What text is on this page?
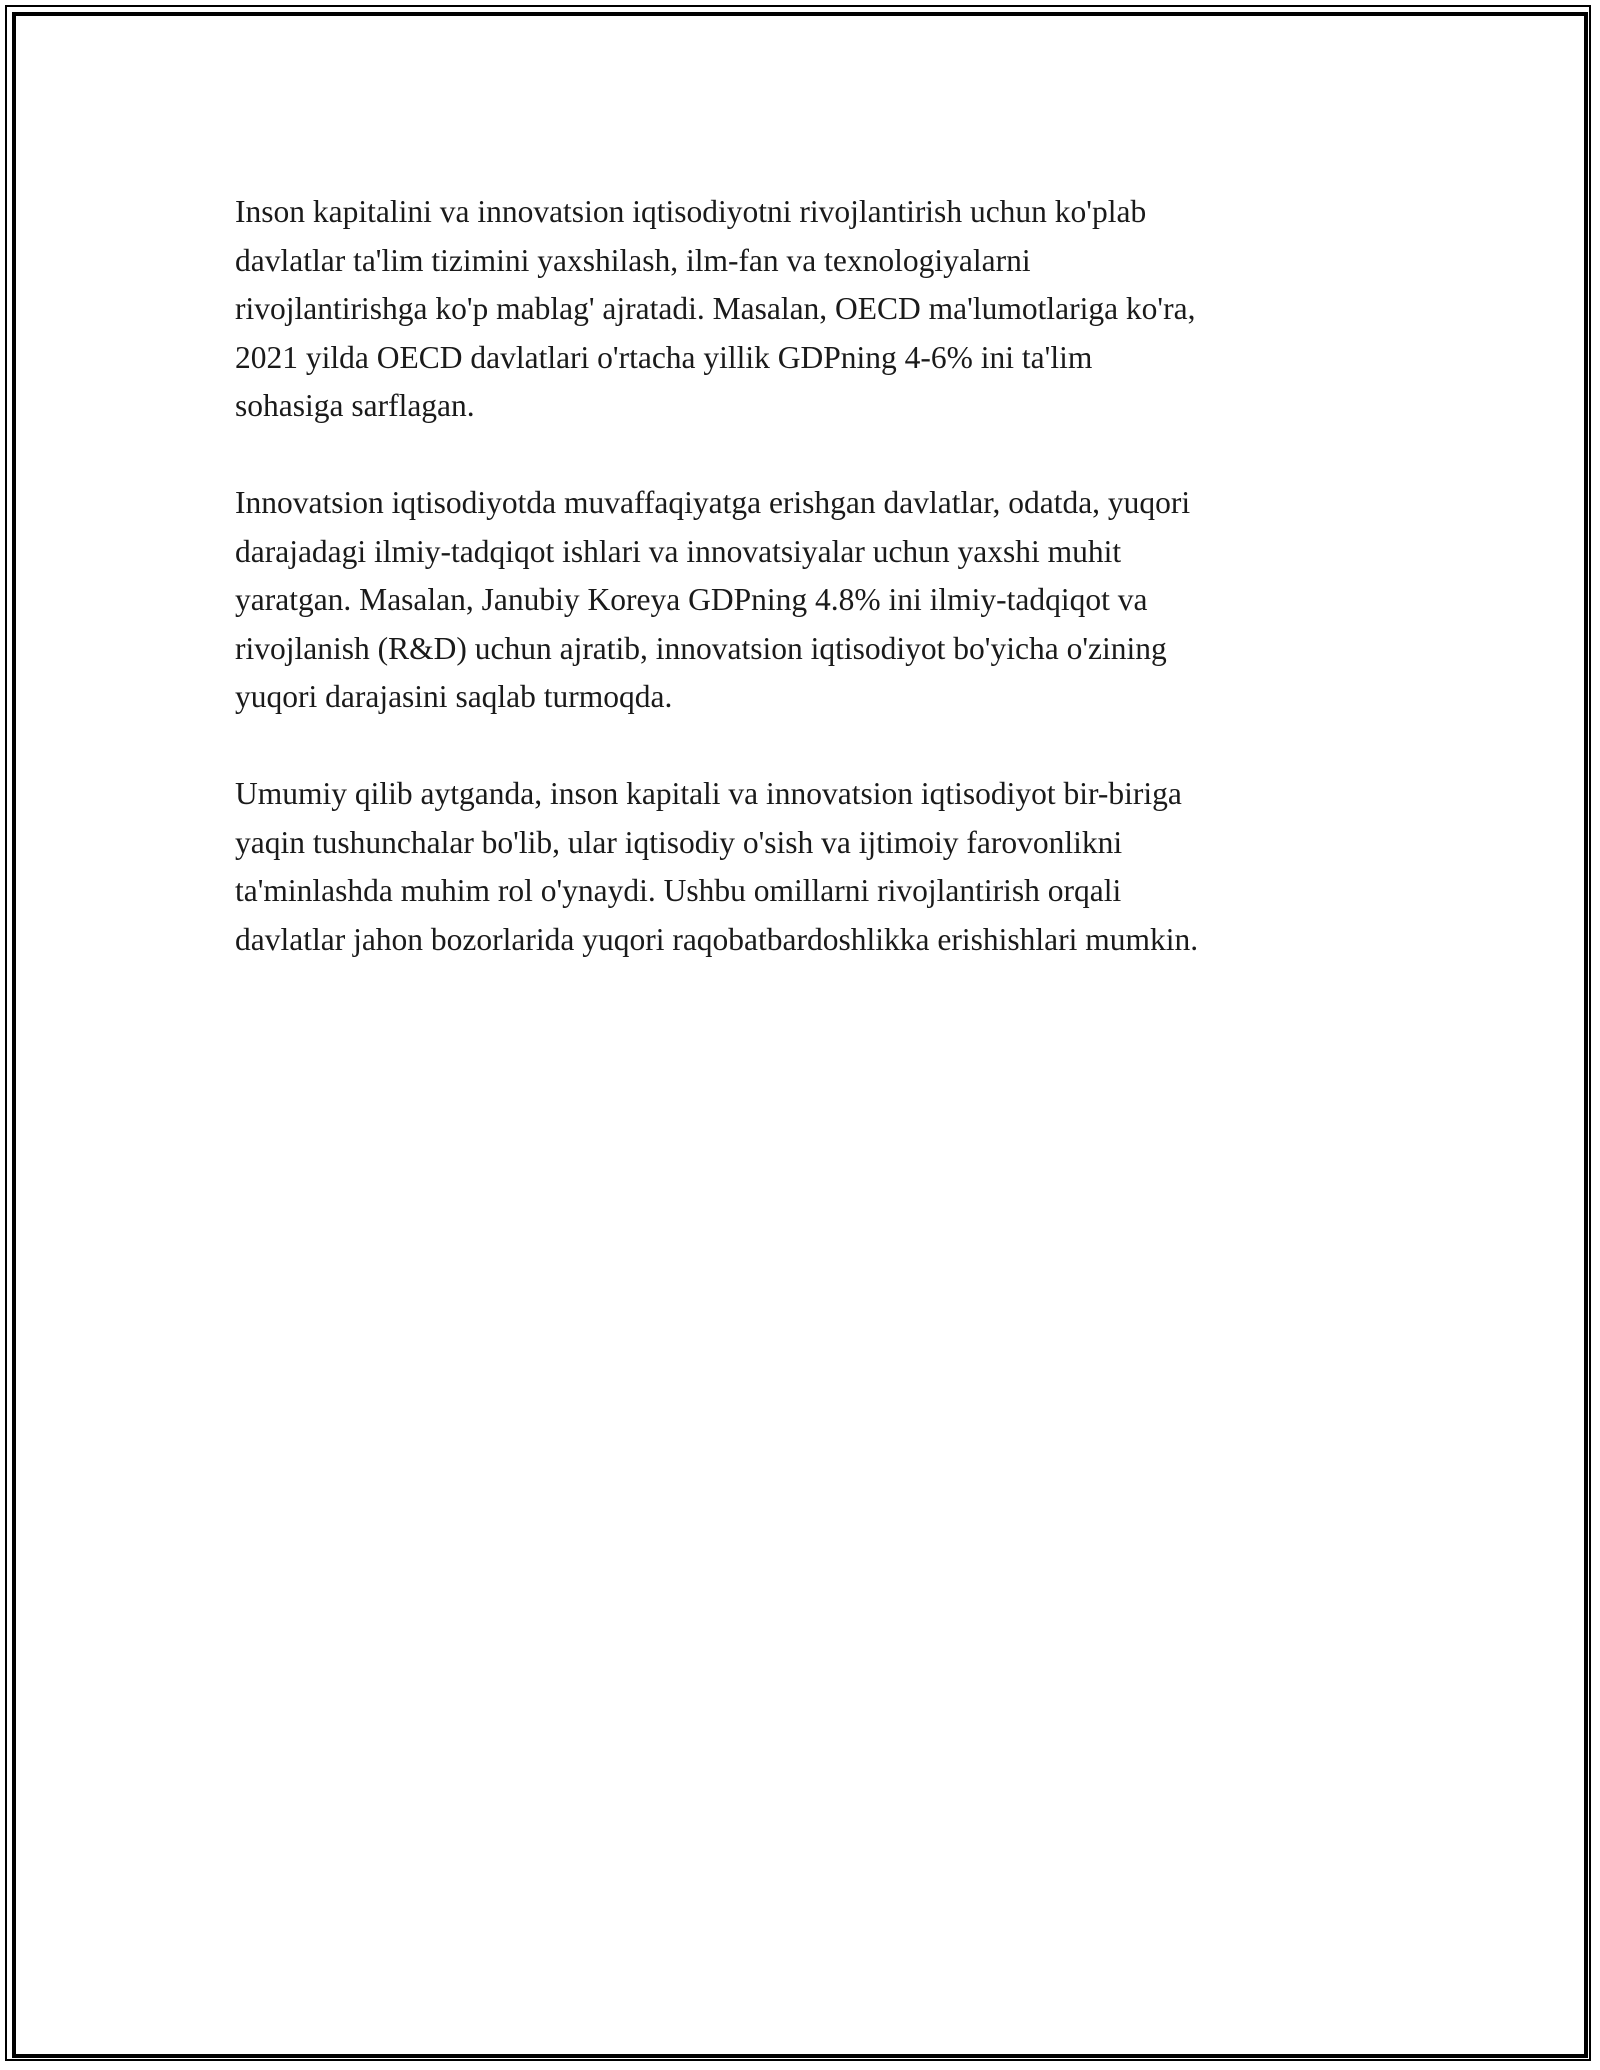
Inson kapitalini va innovatsion iqtisodiyotni rivojlantirish uchun ko'plab
davlatlar ta'lim tizimini yaxshilash, ilm-fan va texnologiyalarni
rivojlantirishga ko'p mablag' ajratadi. Masalan, OECD ma'lumotlariga ko'ra,
2021 yilda OECD davlatlari o'rtacha yillik GDPning 4-6% ini ta'lim
sohasiga sarflagan.

Innovatsion iqtisodiyotda muvaffaqiyatga erishgan davlatlar, odatda, yuqori
darajadagi ilmiy-tadqiqot ishlari va innovatsiyalar uchun yaxshi muhit
yaratgan. Masalan, Janubiy Koreya GDPning 4.8% ini ilmiy-tadqiqot va
rivojlanish (R&D) uchun ajratib, innovatsion iqtisodiyot bo'yicha o'zining
yuqori darajasini saqlab turmoqda.

Umumiy qilib aytganda, inson kapitali va innovatsion iqtisodiyot bir-biriga
yaqin tushunchalar bo'lib, ular iqtisodiy o'sish va ijtimoiy farovonlikni
ta'minlashda muhim rol o'ynaydi. Ushbu omillarni rivojlantirish orqali
davlatlar jahon bozorlarida yuqori raqobatbardoshlikka erishishlari mumkin.
